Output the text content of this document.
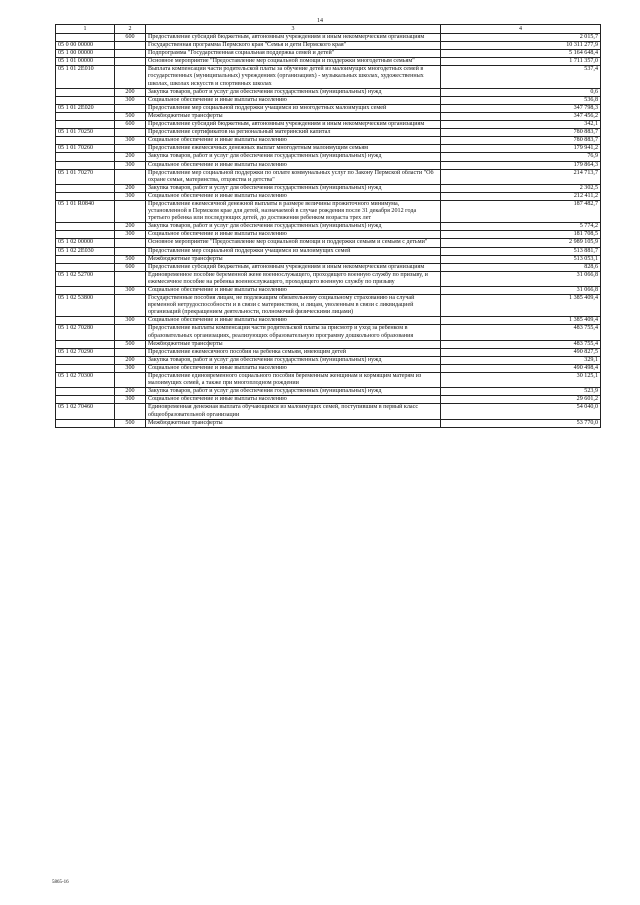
14
1	2	3	4
	600	Предоставление субсидий бюджетным, автономным учреждениям и иным некоммерческим организациям	2 015,7
05 0 00 00000		Государственная программа Пермского края "Семья и дети Пермского края"	10 311 277,9
05 1 00 00000		Подпрограмма "Государственная социальная поддержка семей и детей"	5 164 648,4
05 1 01 00000		Основное мероприятие "Предоставление мер социальной помощи и поддержки многодетным семьям"	1 711 357,0
05 1 01 2E010		Выплата компенсации части родительской платы за обучение детей из малоимущих многодетных семей в государственных (муниципальных) учреждениях (организациях) - музыкальных школах, художественных школах, школах искусств и спортивных школах	537,4
	200	Закупка товаров, работ и услуг для обеспечения государственных (муниципальных) нужд	0,6
	300	Социальное обеспечение и иные выплаты населению	536,8
05 1 01 2E020		Предоставление мер социальной поддержки учащимся из многодетных малоимущих семей	347 798,3
	500	Межбюджетные трансферты	347 456,2
	600	Предоставление субсидий бюджетным, автономным учреждениям и иным некоммерческим организациям	342,1
05 1 01 70250		Предоставление сертификатов на региональный материнский капитал	780 883,7
	300	Социальное обеспечение и иные выплаты населению	780 883,7
05 1 01 70260		Предоставление ежемесячных денежных выплат многодетным малоимущим семьям	179 941,2
	200	Закупка товаров, работ и услуг для обеспечения государственных (муниципальных) нужд	76,9
	300	Социальное обеспечение и иные выплаты населению	179 864,3
05 1 01 70270		Предоставление мер социальной поддержки по оплате коммунальных услуг по Закону Пермской области "Об охране семьи, материнства, отцовства и детства"	214 713,7
	200	Закупка товаров, работ и услуг для обеспечения государственных (муниципальных) нужд	2 302,5
	300	Социальное обеспечение и иные выплаты населению	212 411,2
05 1 01 R0840		Предоставление ежемесячной денежной выплаты в размере величины прожиточного минимума, установленной в Пермском крае для детей, назначаемой в случае рождения после 31 декабря 2012 года третьего ребенка или последующих детей, до достижения ребенком возраста трех лет	187 482,7
	200	Закупка товаров, работ и услуг для обеспечения государственных (муниципальных) нужд	5 774,2
	300	Социальное обеспечение и иные выплаты населению	181 708,5
05 1 02 00000		Основное мероприятие "Предоставление мер социальной помощи и поддержки семьям и семьям с детьми"	2 989 105,9
05 1 02 2E030		Предоставление мер социальной поддержки учащимся из малоимущих семей	513 881,7
	500	Межбюджетные трансферты	513 053,1
	600	Предоставление субсидий бюджетным, автономным учреждениям и иным некоммерческим организациям	828,6
05 1 02 52700		Единовременное пособие беременной жене военнослужащего, проходящего военную службу по призыву, и ежемесячное пособие на ребенка военнослужащего, проходящего военную службу по призыву	31 066,8
	300	Социальное обеспечение и иные выплаты населению	31 066,8
05 1 02 53800		Государственные пособия лицам, не подлежащим обязательному социальному страхованию на случай временной нетрудоспособности и в связи с материнством, и лицам, уволенным в связи с ликвидацией организаций (прекращением деятельности, полномочий физическими лицами)	1 385 409,4
	300	Социальное обеспечение и иные выплаты населению	1 385 409,4
05 1 02 70280		Предоставление выплаты компенсации части родительской платы за присмотр и уход за ребенком в образовательных организациях, реализующих образовательную программу дошкольного образования	483 755,4
	500	Межбюджетные трансферты	483 755,4
05 1 02 70290		Предоставление ежемесячного пособия на ребенка семьям, имеющим детей	490 827,5
	200	Закупка товаров, работ и услуг для обеспечения государственных (муниципальных) нужд	329,1
	300	Социальное обеспечение и иные выплаты населению	490 498,4
05 1 02 70300		Предоставление единовременного социального пособия беременным женщинам и кормящим матерям из малоимущих семей, а также при многоплодном рождении	30 125,1
	200	Закупка товаров, работ и услуг для обеспечения государственных (муниципальных) нужд	523,9
	300	Социальное обеспечение и иные выплаты населению	29 601,2
05 1 02 70460		Единовременная денежная выплата обучающимся из малоимущих семей, поступившим в первый класс общеобразовательной организации	54 040,0
	500	Межбюджетные трансферты	53 770,0
5865-16
